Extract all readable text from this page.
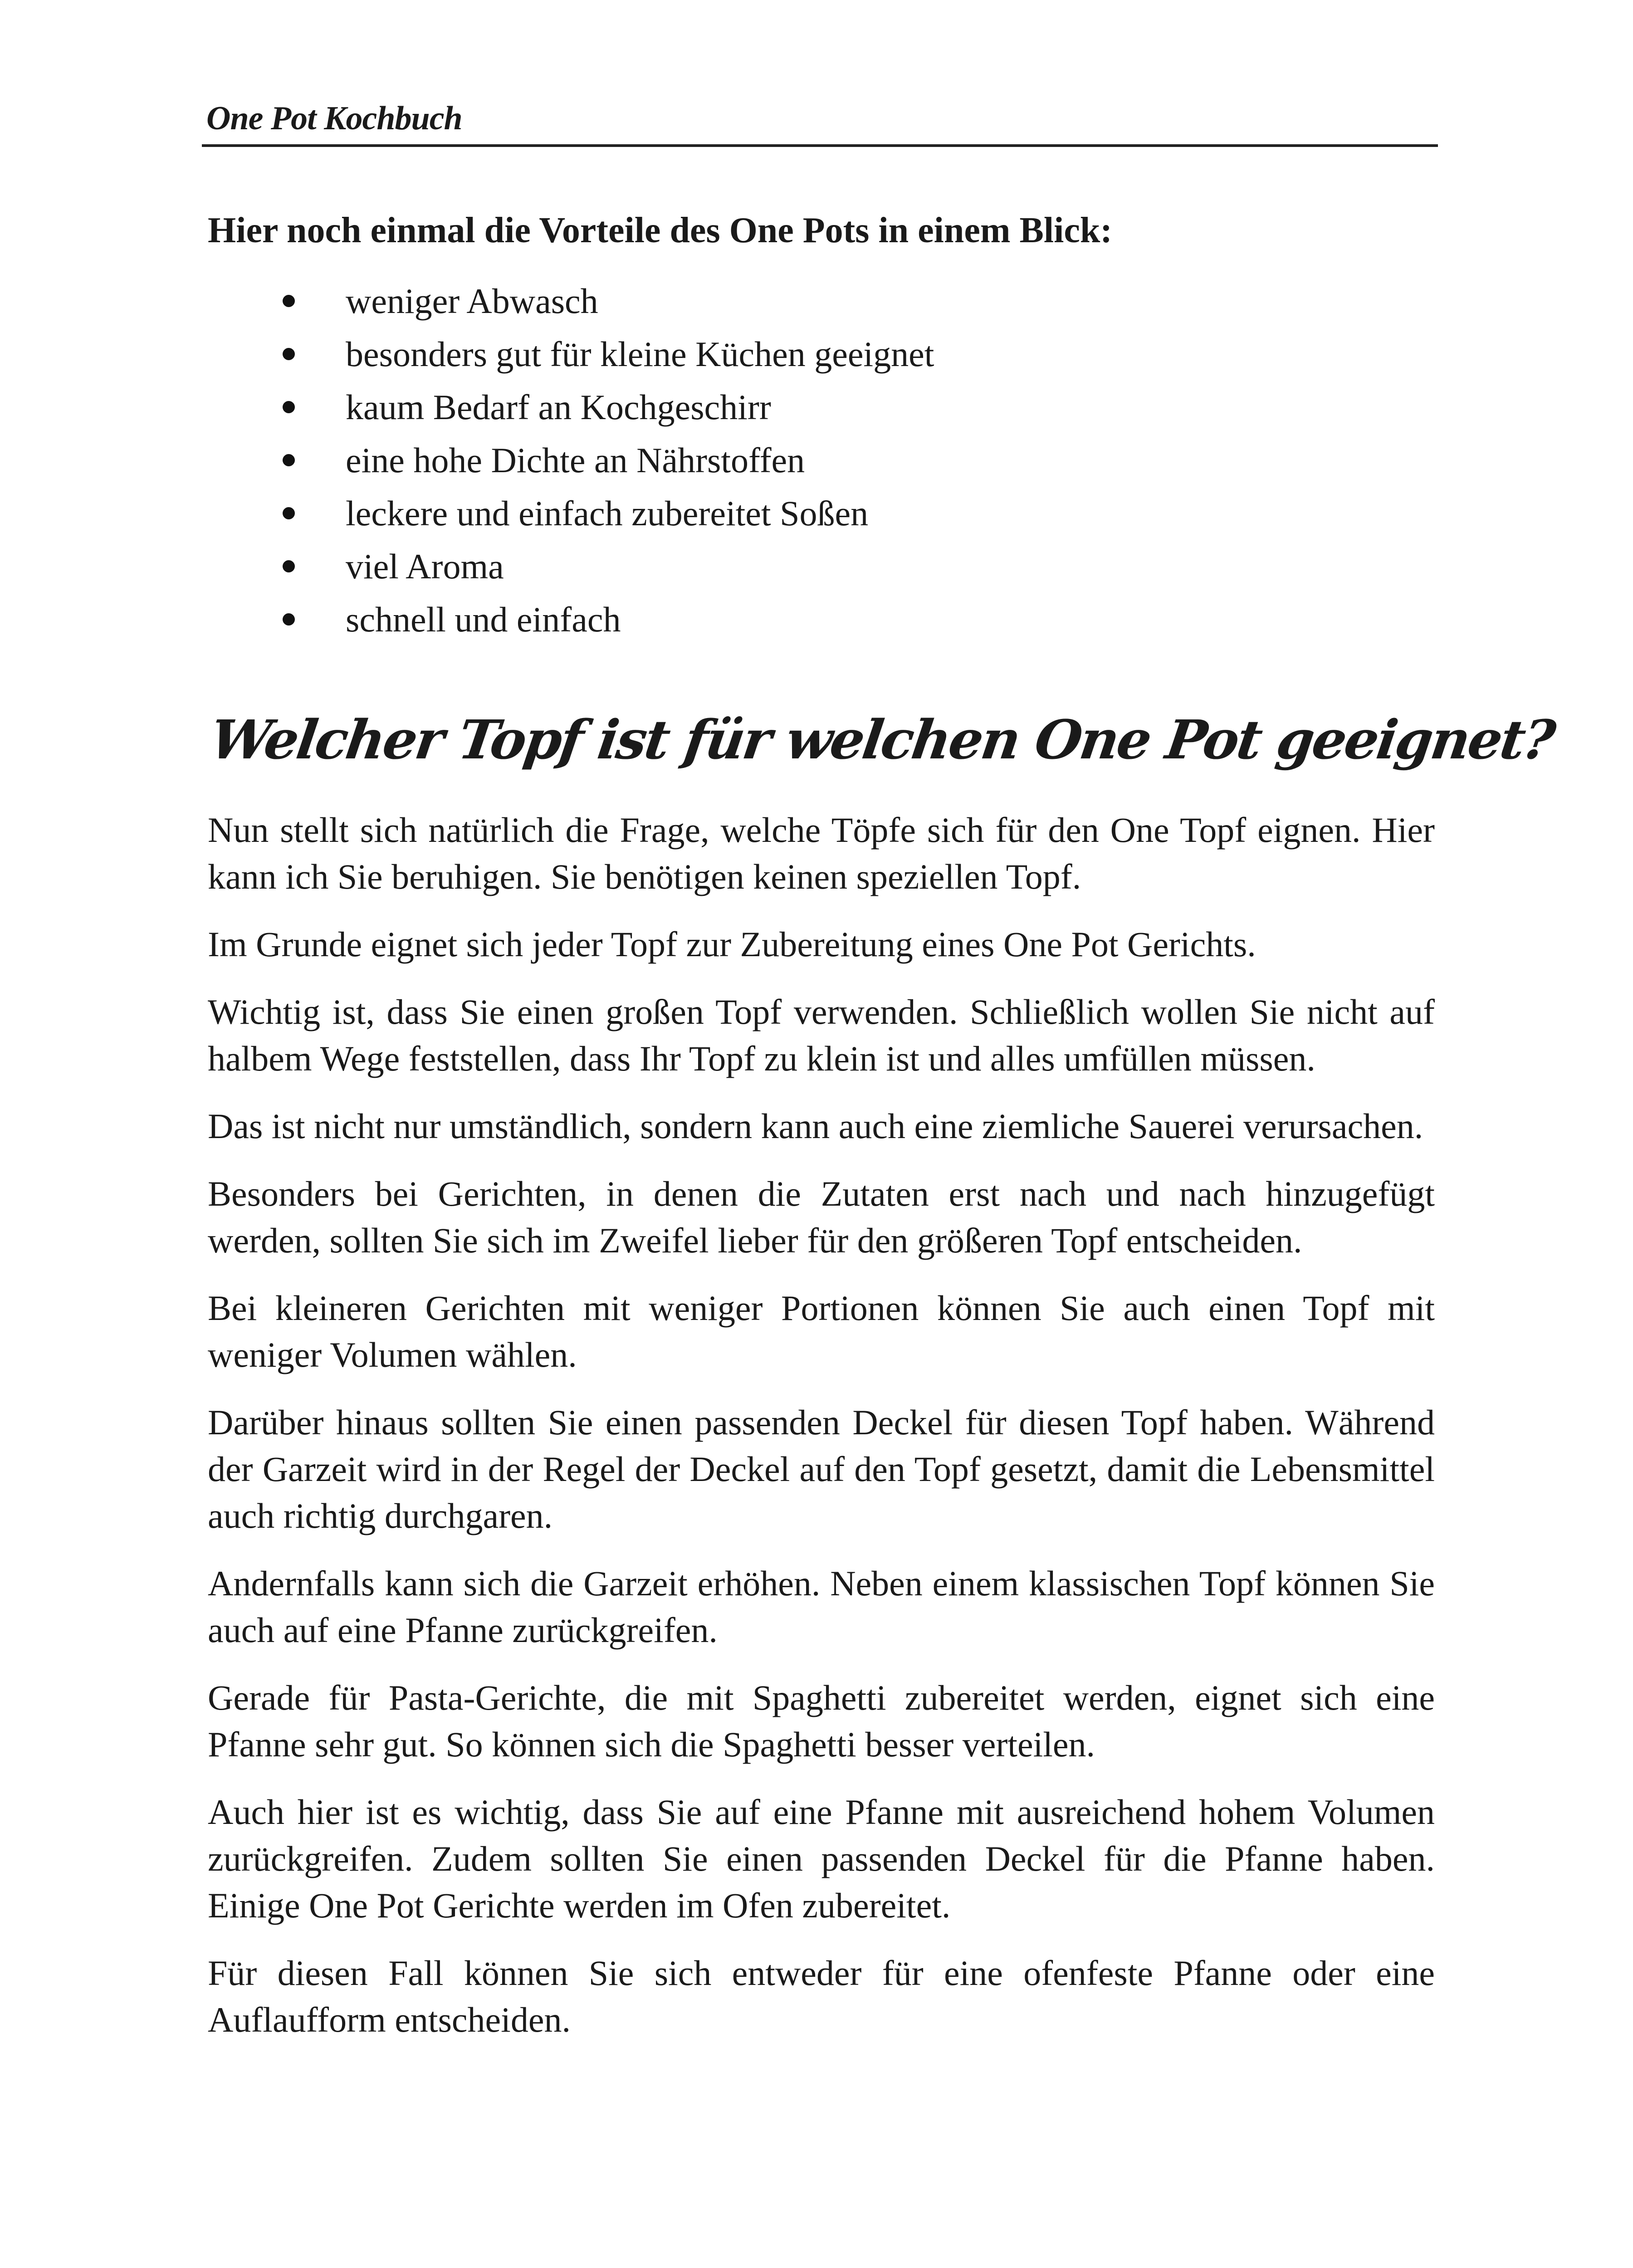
One Pot Kochbuch
Hier noch einmal die Vorteile des One Pots in einem Blick:
weniger Abwasch
besonders gut für kleine Küchen geeignet
kaum Bedarf an Kochgeschirr
eine hohe Dichte an Nährstoffen
leckere und einfach zubereitet Soßen
viel Aroma
schnell und einfach
Welcher Topf ist für welchen One Pot geeignet?

Nun stellt sich natürlich die Frage, welche Töpfe sich für den One Topf eignen. Hier kann ich Sie beruhigen. Sie benötigen keinen speziellen Topf.

Im Grunde eignet sich jeder Topf zur Zubereitung eines One Pot Gerichts.

Wichtig ist, dass Sie einen großen Topf verwenden. Schließlich wollen Sie nicht auf halbem Wege feststellen, dass Ihr Topf zu klein ist und alles umfüllen müssen.

Das ist nicht nur umständlich, sondern kann auch eine ziemliche Sauerei verursachen.

Besonders bei Gerichten, in denen die Zutaten erst nach und nach hinzugefügt werden, sollten Sie sich im Zweifel lieber für den größeren Topf entscheiden.

Bei kleineren Gerichten mit weniger Portionen können Sie auch einen Topf mit weniger Volumen wählen.

Darüber hinaus sollten Sie einen passenden Deckel für diesen Topf haben. Während der Garzeit wird in der Regel der Deckel auf den Topf gesetzt, damit die Lebensmittel auch richtig durchgaren.

Andernfalls kann sich die Garzeit erhöhen. Neben einem klassischen Topf können Sie auch auf eine Pfanne zurückgreifen.

Gerade für Pasta-Gerichte, die mit Spaghetti zubereitet werden, eignet sich eine Pfanne sehr gut. So können sich die Spaghetti besser verteilen.

Auch hier ist es wichtig, dass Sie auf eine Pfanne mit ausreichend hohem Volumen zurückgreifen. Zudem sollten Sie einen passenden Deckel für die Pfanne haben. Einige One Pot Gerichte werden im Ofen zubereitet.

Für diesen Fall können Sie sich entweder für eine ofenfeste Pfanne oder eine Auflaufform entscheiden.
